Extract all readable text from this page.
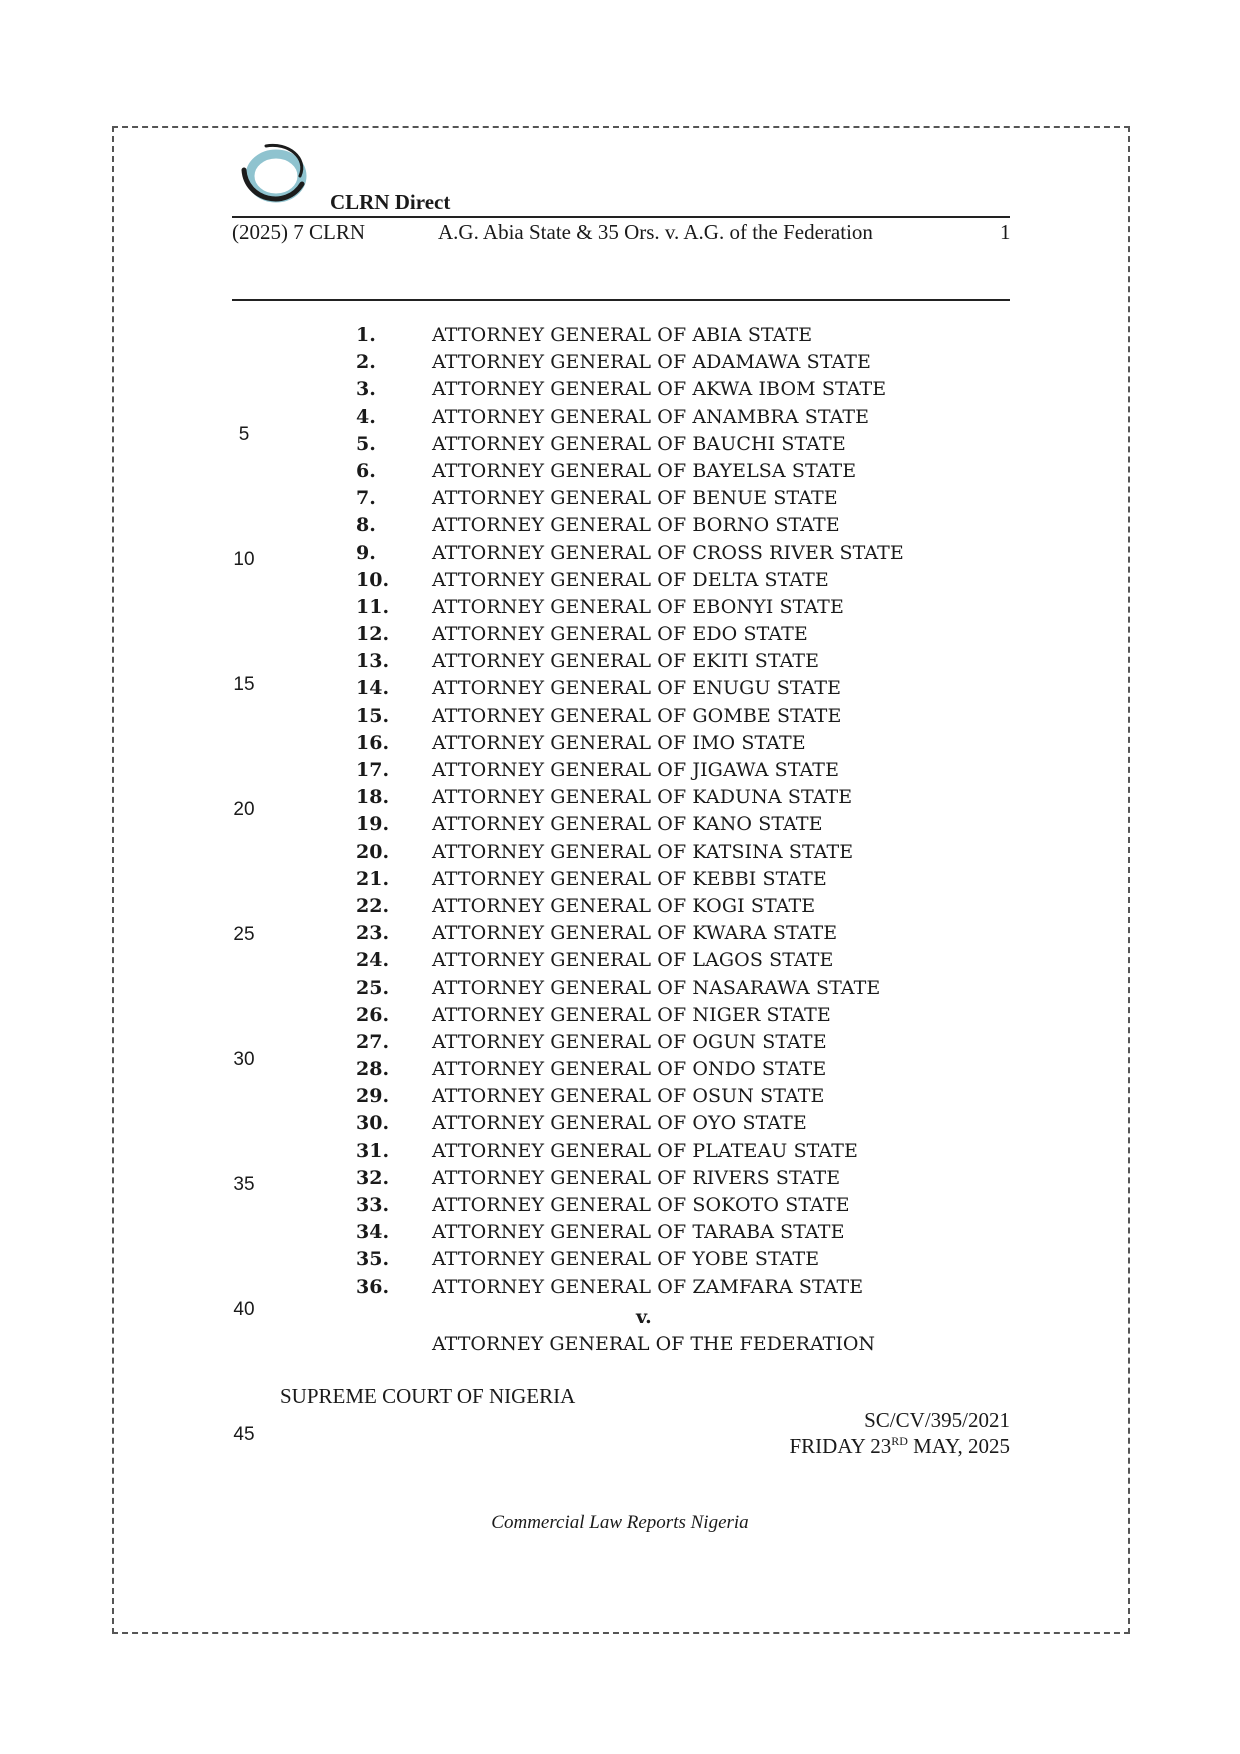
CLRN Direct
(2025) 7 CLRN	A.G. Abia State & 35 Ors. v. A.G. of the Federation	1
5
10
15
20
25
30
35
40
45
1.	ATTORNEY GENERAL OF ABIA STATE
2.	ATTORNEY GENERAL OF ADAMAWA STATE
3.	ATTORNEY GENERAL OF AKWA IBOM STATE
4.	ATTORNEY GENERAL OF ANAMBRA STATE
5.	ATTORNEY GENERAL OF BAUCHI STATE
6.	ATTORNEY GENERAL OF BAYELSA STATE
7.	ATTORNEY GENERAL OF BENUE STATE
8.	ATTORNEY GENERAL OF BORNO STATE
9.	ATTORNEY GENERAL OF CROSS RIVER STATE
10. ATTORNEY GENERAL OF DELTA STATE
11. ATTORNEY GENERAL OF EBONYI STATE
12. ATTORNEY GENERAL OF EDO STATE
13. ATTORNEY GENERAL OF EKITI STATE
14. ATTORNEY GENERAL OF ENUGU STATE
15. ATTORNEY GENERAL OF GOMBE STATE
16. ATTORNEY GENERAL OF IMO STATE
17. ATTORNEY GENERAL OF JIGAWA STATE
18. ATTORNEY GENERAL OF KADUNA STATE
19. ATTORNEY GENERAL OF KANO STATE
20. ATTORNEY GENERAL OF KATSINA STATE
21. ATTORNEY GENERAL OF KEBBI STATE
22. ATTORNEY GENERAL OF KOGI STATE
23. ATTORNEY GENERAL OF KWARA STATE
24. ATTORNEY GENERAL OF LAGOS STATE
25. ATTORNEY GENERAL OF NASARAWA STATE
26. ATTORNEY GENERAL OF NIGER STATE
27. ATTORNEY GENERAL OF OGUN STATE
28. ATTORNEY GENERAL OF ONDO STATE
29. ATTORNEY GENERAL OF OSUN STATE
30. ATTORNEY GENERAL OF OYO STATE
31. ATTORNEY GENERAL OF PLATEAU STATE
32. ATTORNEY GENERAL OF RIVERS STATE
33. ATTORNEY GENERAL OF SOKOTO STATE
34. ATTORNEY GENERAL OF TARABA STATE
35. ATTORNEY GENERAL OF YOBE STATE
36. ATTORNEY GENERAL OF ZAMFARA STATE
v.
ATTORNEY GENERAL OF THE FEDERATION
SUPREME COURT OF NIGERIA
SC/CV/395/2021
FRIDAY 23RD MAY, 2025
Commercial Law Reports Nigeria
